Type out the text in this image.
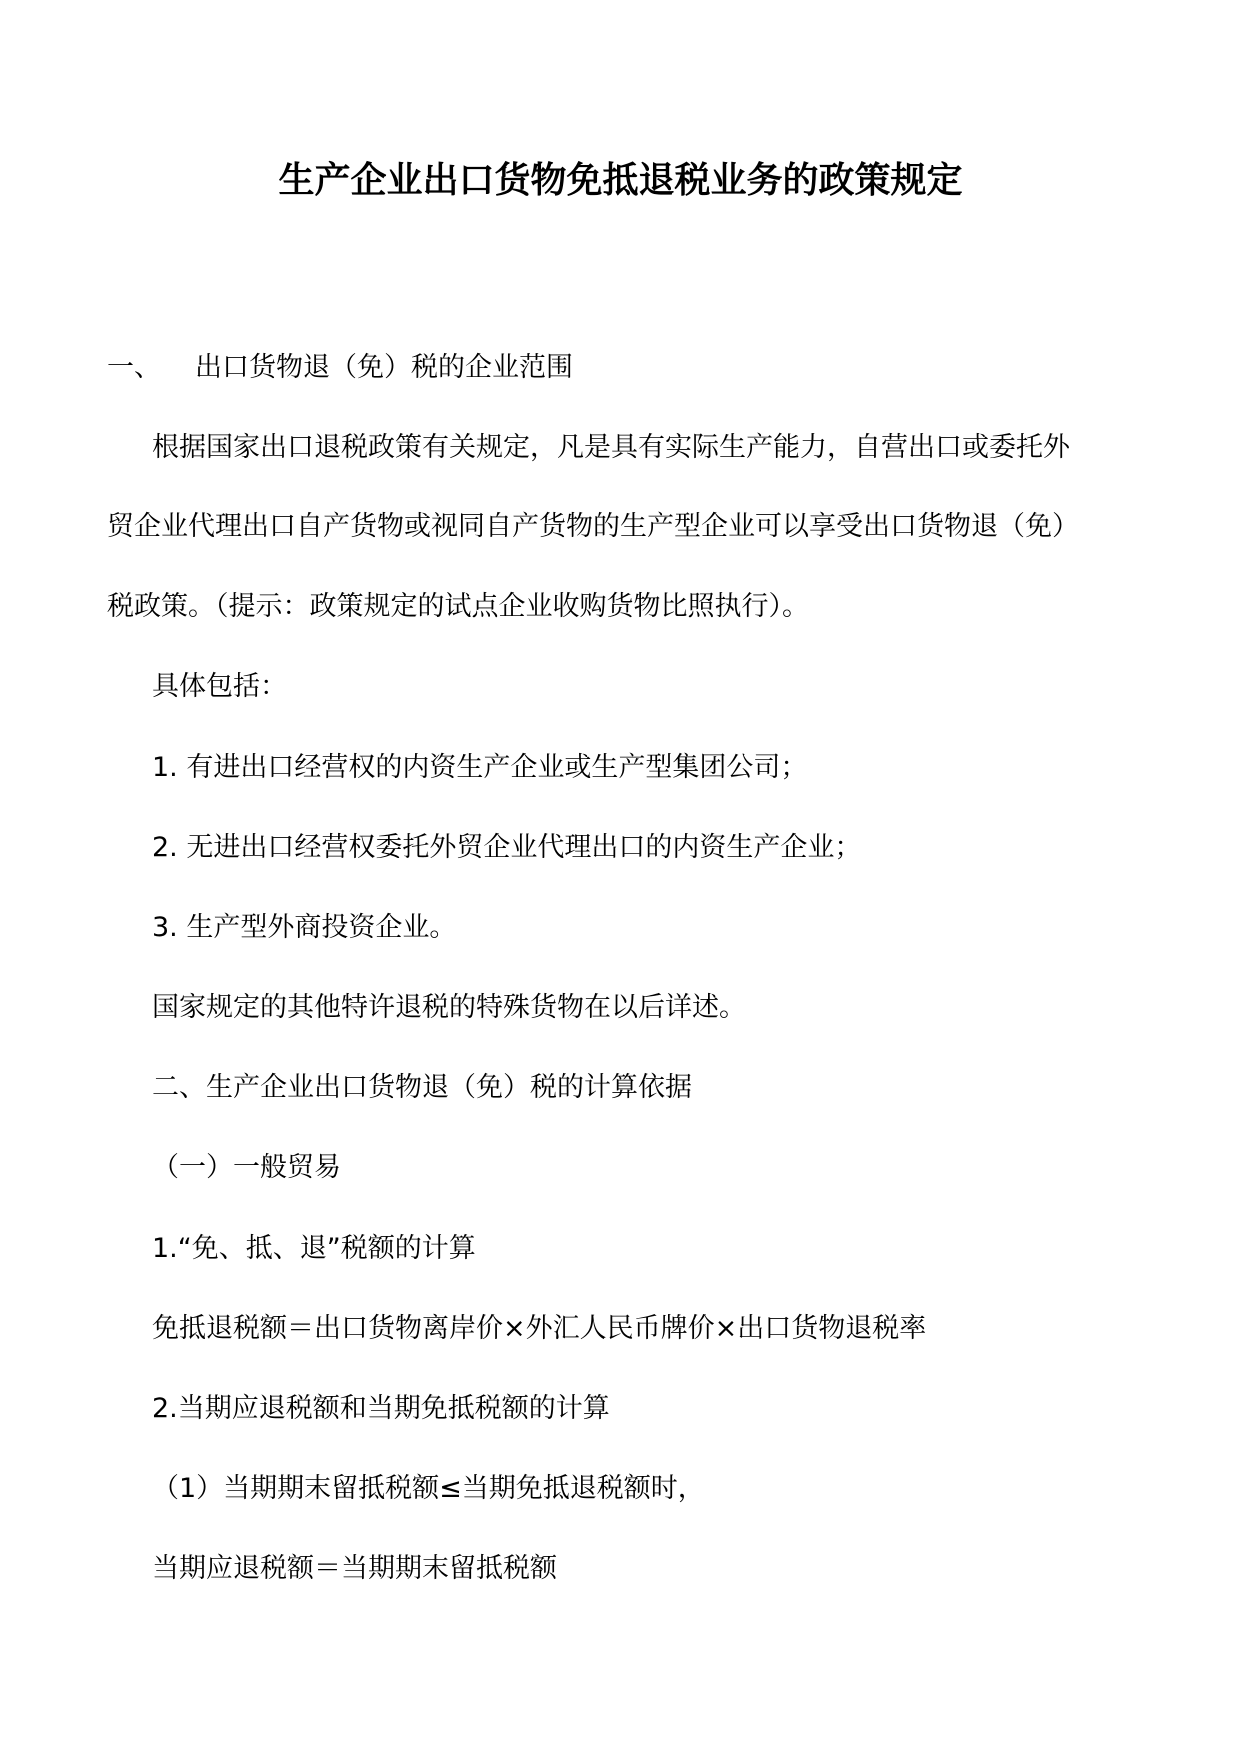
生产企业出口货物免抵退税业务的政策规定
一、 出口货物退（免）税的企业范围
根据国家出口退税政策有关规定，凡是具有实际生产能力，自营出口或委托外
贸企业代理出口自产货物或视同自产货物的生产型企业可以享受出口货物退（免）
税政策。（提示：政策规定的试点企业收购货物比照执行）。
具体包括：
1. 有进出口经营权的内资生产企业或生产型集团公司；
2. 无进出口经营权委托外贸企业代理出口的内资生产企业；
3. 生产型外商投资企业。
国家规定的其他特许退税的特殊货物在以后详述。
二、生产企业出口货物退（免）税的计算依据
（一）一般贸易
1.“免、抵、退”税额的计算
免抵退税额＝出口货物离岸价×外汇人民币牌价×出口货物退税率
2.当期应退税额和当期免抵税额的计算
（1）当期期末留抵税额≤当期免抵退税额时，
当期应退税额＝当期期末留抵税额
